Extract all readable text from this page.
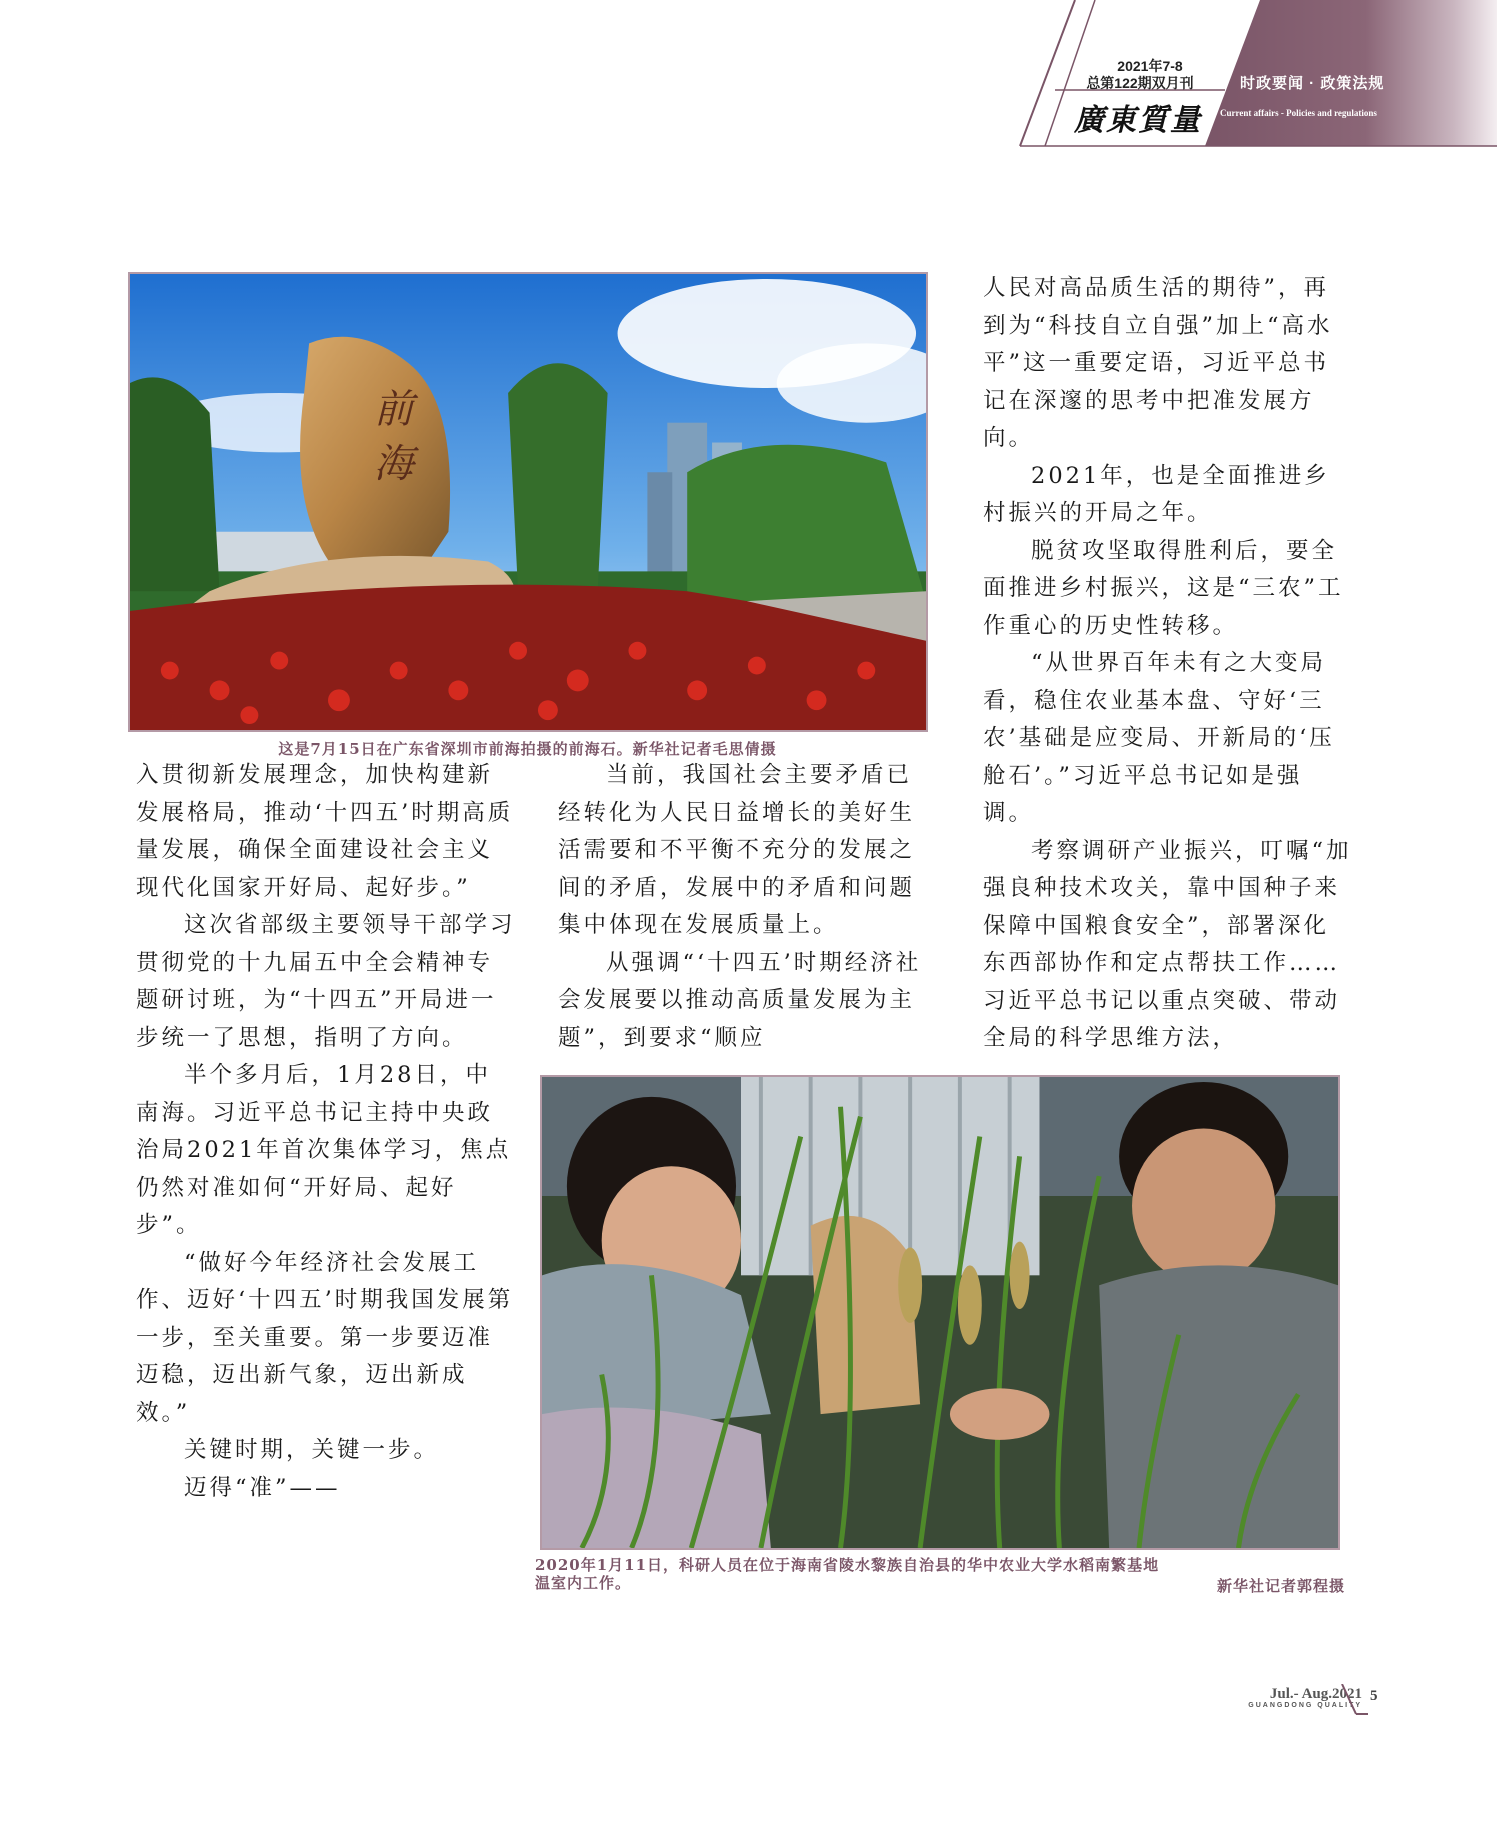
2021年7-8
总第122期双月刊
廣東質量
时政要闻 · 政策法规
Current affairs - Policies and regulations
前
海
这是7月15日在广东省深圳市前海拍摄的前海石。新华社记者毛思倩摄

人民对高品质生活的期待”，再到为“科技自立自强”加上“高水平”这一重要定语，习近平总书记在深邃的思考中把准发展方向。

2021年，也是全面推进乡村振兴的开局之年。

脱贫攻坚取得胜利后，要全面推进乡村振兴，这是“三农”工作重心的历史性转移。

“从世界百年未有之大变局看，稳住农业基本盘、守好‘三农’基础是应变局、开新局的‘压舱石’。”习近平总书记如是强调。

考察调研产业振兴，叮嘱“加强良种技术攻关，靠中国种子来保障中国粮食安全”，部署深化东西部协作和定点帮扶工作……习近平总书记以重点突破、带动全局的科学思维方法，

入贯彻新发展理念，加快构建新发展格局，推动‘十四五’时期高质量发展，确保全面建设社会主义现代化国家开好局、起好步。”

这次省部级主要领导干部学习贯彻党的十九届五中全会精神专题研讨班，为“十四五”开局进一步统一了思想，指明了方向。

半个多月后，1月28日，中南海。习近平总书记主持中央政治局2021年首次集体学习，焦点仍然对准如何“开好局、起好步”。

“做好今年经济社会发展工作、迈好‘十四五’时期我国发展第一步，至关重要。第一步要迈准迈稳，迈出新气象，迈出新成效。”

关键时期，关键一步。

迈得“准”——

当前，我国社会主要矛盾已经转化为人民日益增长的美好生活需要和不平衡不充分的发展之间的矛盾，发展中的矛盾和问题集中体现在发展质量上。

从强调“‘十四五’时期经济社会发展要以推动高质量发展为主题”，到要求“顺应

2020年1月11日，科研人员在位于海南省陵水黎族自治县的华中农业大学水稻南繁基地
温室内工作。	新华社记者郭程摄
Jul.- Aug.2021
GUANGDONG QUALITY
5
